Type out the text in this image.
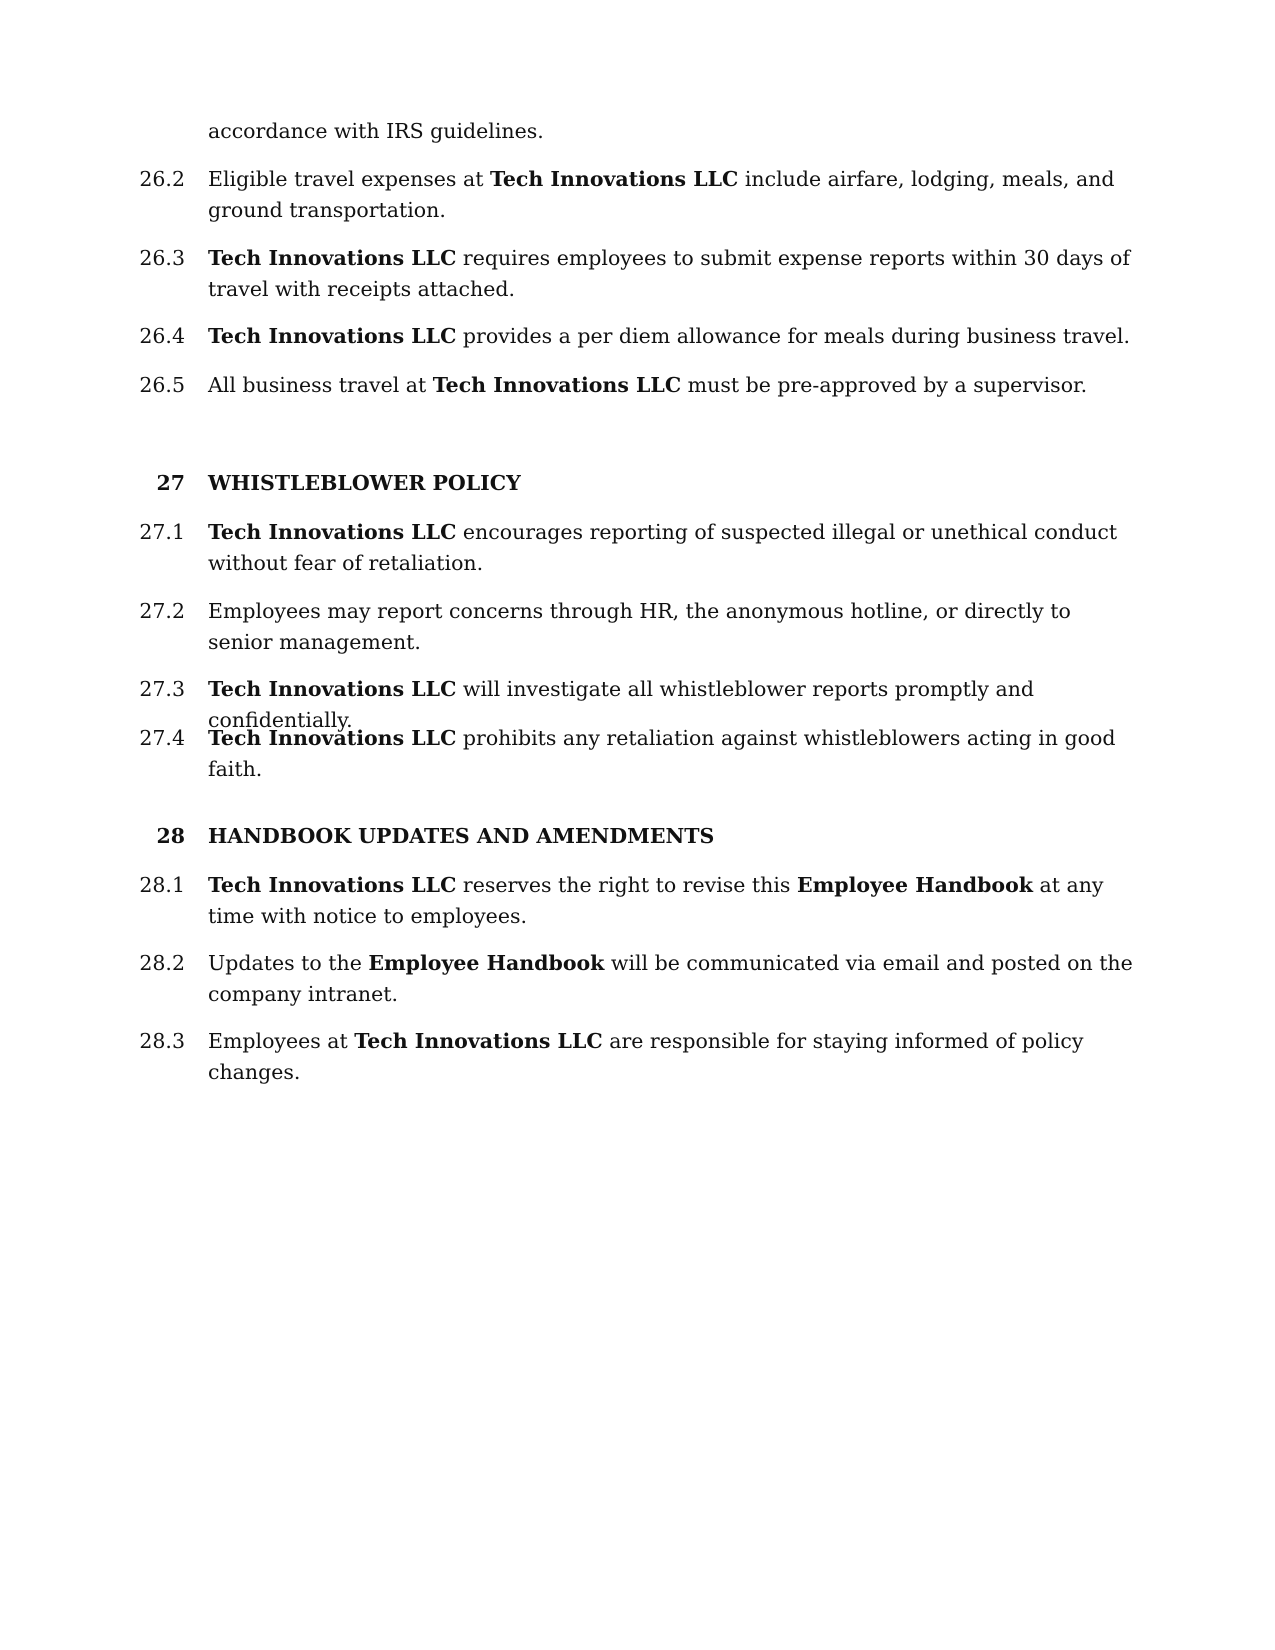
accordance with IRS guidelines.
26.2 Eligible travel expenses at Tech Innovations LLC include airfare, lodging, meals, and ground transportation.
26.3 Tech Innovations LLC requires employees to submit expense reports within 30 days of travel with receipts attached.
26.4 Tech Innovations LLC provides a per diem allowance for meals during business travel.
26.5 All business travel at Tech Innovations LLC must be pre-approved by a supervisor.
27 WHISTLEBLOWER POLICY
27.1 Tech Innovations LLC encourages reporting of suspected illegal or unethical conduct without fear of retaliation.
27.2 Employees may report concerns through HR, the anonymous hotline, or directly to senior management.
27.3 Tech Innovations LLC will investigate all whistleblower reports promptly and confidentially.
27.4 Tech Innovations LLC prohibits any retaliation against whistleblowers acting in good faith.
28 HANDBOOK UPDATES AND AMENDMENTS
28.1 Tech Innovations LLC reserves the right to revise this Employee Handbook at any time with notice to employees.
28.2 Updates to the Employee Handbook will be communicated via email and posted on the company intranet.
28.3 Employees at Tech Innovations LLC are responsible for staying informed of policy changes.
